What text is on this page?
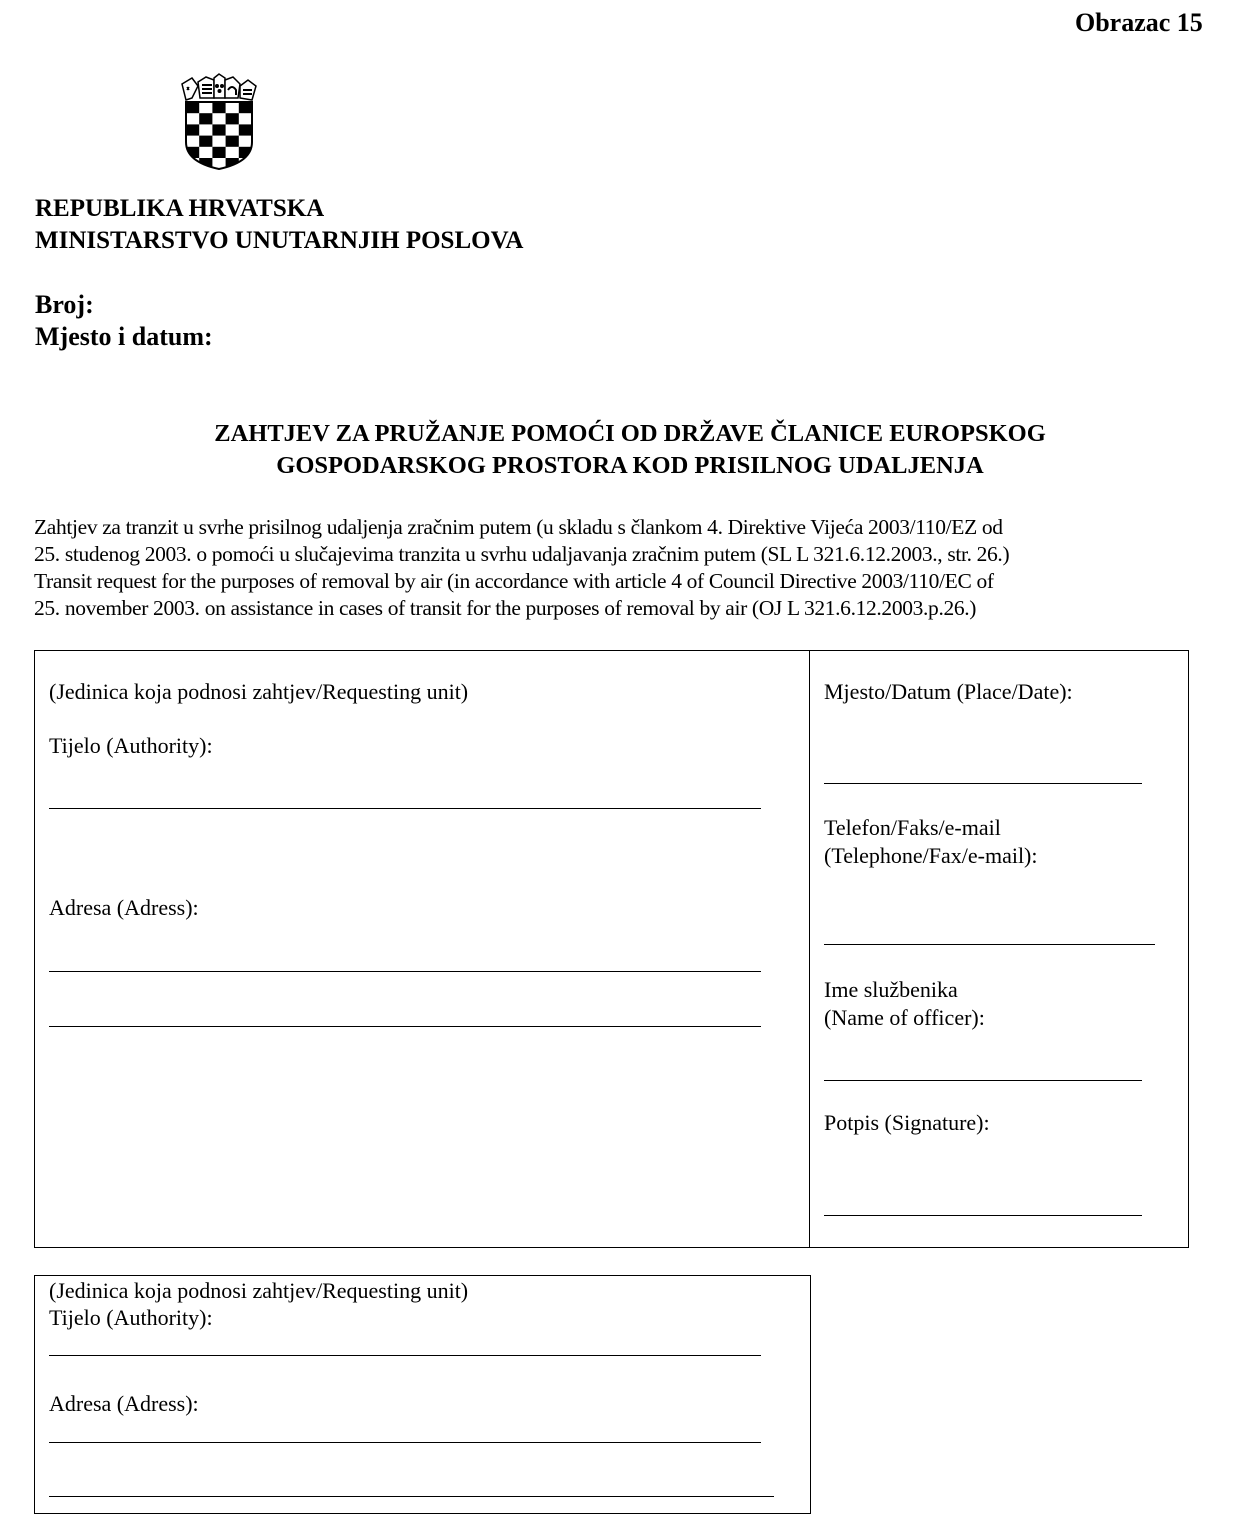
Obrazac 15
REPUBLIKA HRVATSKA
MINISTARSTVO UNUTARNJIH POSLOVA
Broj:
Mjesto i datum:
ZAHTJEV ZA PRUŽANJE POMOĆI OD DRŽAVE ČLANICE EUROPSKOG
GOSPODARSKOG PROSTORA KOD PRISILNOG UDALJENJA
Zahtjev za tranzit u svrhe prisilnog udaljenja zračnim putem (u skladu s člankom 4. Direktive Vijeća 2003/110/EZ od
25. studenog 2003. o pomoći u slučajevima tranzita u svrhu udaljavanja zračnim putem (SL L 321.6.12.2003., str. 26.)
Transit request for the purposes of removal by air (in accordance with article 4 of Council Directive 2003/110/EC of
25. november 2003. on assistance in cases of transit for the purposes of removal by air (OJ L 321.6.12.2003.p.26.)
(Jedinica koja podnosi zahtjev/Requesting unit)
Tijelo (Authority):
Adresa (Adress):
Mjesto/Datum (Place/Date):
Telefon/Faks/e-mail
(Telephone/Fax/e-mail):
Ime službenika
(Name of officer):
Potpis (Signature):
(Jedinica koja podnosi zahtjev/Requesting unit)
Tijelo (Authority):
Adresa (Adress):
